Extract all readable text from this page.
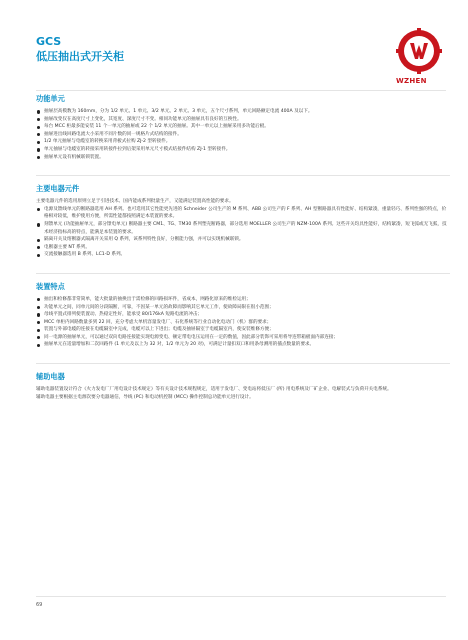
GCS
低压抽出式开关柜
WZHEN
功能单元
抽屉层高模数为 160mm，分为 1/2 单元、1 单元、3/2 单元、2 单元、3 单元，五个尺寸系列，单元回路额定电流 400A 及以下。
抽屉改变仅在高度尺寸上变化，其宽度、深度尺寸不变。相同功能单元的抽屉具有良好的互换性。
每台 MCC 柜最多能安装 11 个一单元的抽屉或 22 个 1/2 单元的抽屉。其中一单元以上抽屉采用多功能后板。
抽屉进出线回路电流大小采用不同片数的同一规格片式结构的接件。
1/2 单元抽屉与电缆室的转换采用背板式拉购 ZJ-2 型转接件。
单元抽屉与电缆室的转接采用转接件拉到后架采用单元尺寸模式结接件结构 ZJ-1 型转接件。
抽屉单元设有机械联锁装置。
主要电器元件

主要电器元件的选用原则立足于引进技术、国内能成系列批量生产，又能满足装置高性能的要求。

电源及馈线单元的断路器选用 AH 系列。也可选用其它性能更先进的 Schneider 公司生产的 M 系列、ABB 公司生产的 F 系列、AH 型断路器具有性能好、结构紧凑，重量轻巧、系列性强的特点，价格相对较低，维护使用方便，所需性能都按照满足本装置的要求。
刻馈单元 (功能抽屉单元，部分馈电单元) 断路器主要 CM1、TG、TM30 系列塑壳断路器，部分选用 MOELLER 公司生产的 NZM-100A 系列。这些开关均具性能好，结构紧凑，短飞弧或无飞弧，技术经济指标高的特点，能满足本装置的要求。
隔离开关及熔断器式隔离开关采用 Q 系列，该系列特性良好，分断能力强，并可以实现机械联锁。
电断器主要 NT 系列。
交流接触器选用 B 系列、LC1-D 系列。
装置特点
抽出和检修都非常简单，能大批量的抽换出于需检修的回路损坏件，省成本，网路化原来的维检运用；
功能单元之间，同单元间的分段隔断，可靠，不因某一单元的故障而影响其它单元工作，使故障局限在很小范围；
母线平置式排列使装置动、热稳定性好，能承受 80/176kA 短路电流的冲击；
MCC 单柜内回路数量多到 22 回，充分考虑大单机容量发电厂、石化系统等行业自动化电动门（机）群的要求；
装置与外部电缆的连接在电缆隔室中完成，电缆可以上下进出；电缆及抽屉隔室于电缆隔室内，使安装维修方便；
同一电源的抽屉单元，可以通过双向电路连接能实现电源变电、额定带电电压运用在一定的数值，因此部分装饰可采用将导连带箱板面内部连接；
抽屉单元在适量增加和二次回路件 (1 单元及以上为 32 对，1/2 单元为 20 对)，可满足计量扣双口和用条母测用的插点数量的要求。
辅助电器

辅助电器装置设计符合《火力发电厂厂用电设计技术规定》等有关设计技术规程规定，适用于发电厂、变电站将低压厂 (所) 用电系统及厂矿企业、电解装式与负荷开关电系统。

辅助电器主要根据主电源次要分电器通信，导线 (PC) 和电动机控制 (MCC) 操作控制总功能单元进行设计。

69
